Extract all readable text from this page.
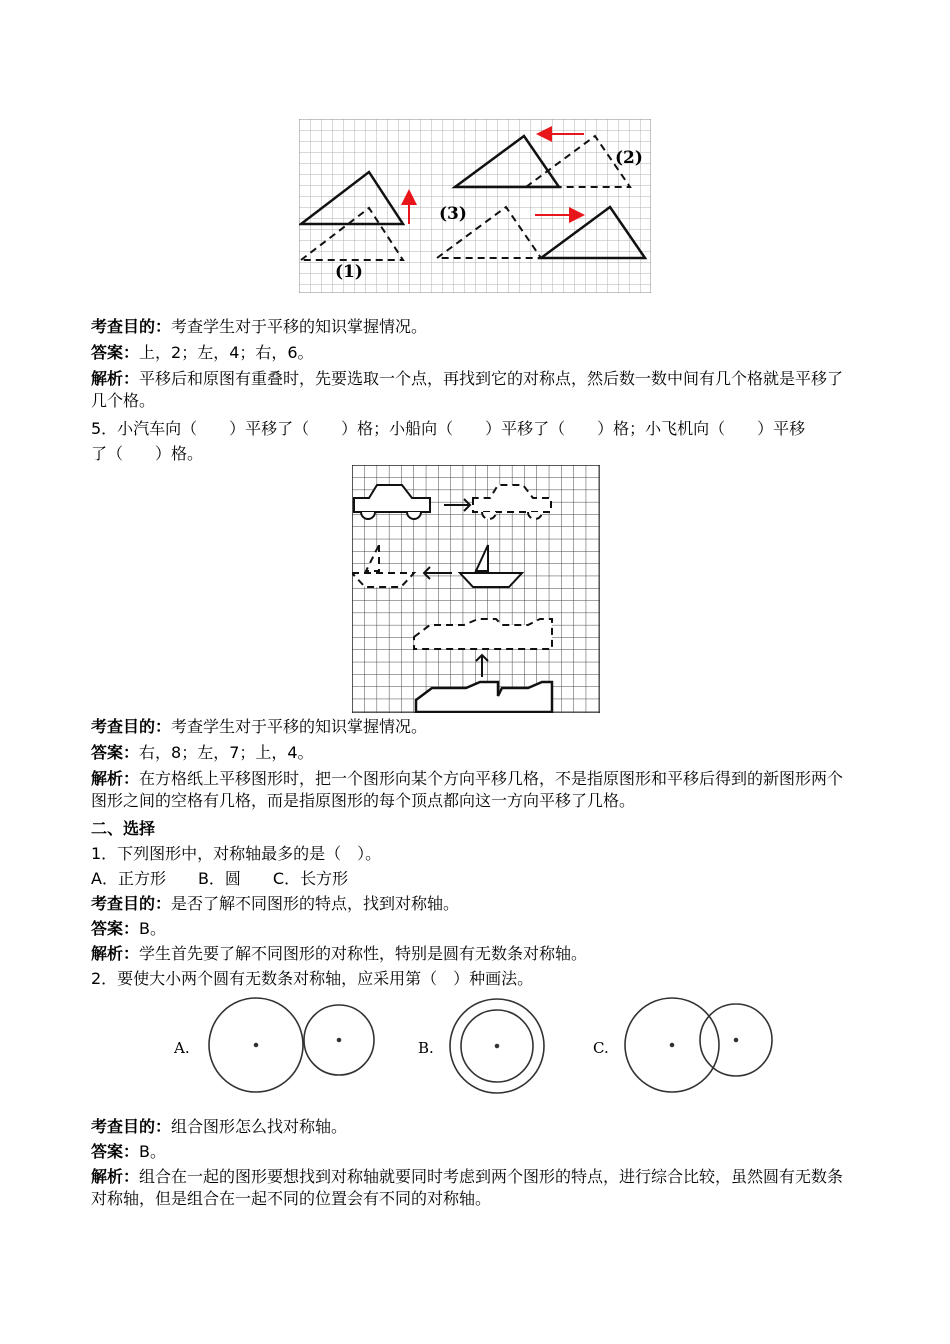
(1)
(2)
(3)
考查目的：考查学生对于平移的知识掌握情况。
答案：上，2；左，4；右，6。
解析：平移后和原图有重叠时，先要选取一个点，再找到它的对称点，然后数一数中间有几个格就是平移了几个格。
5．小汽车向（　　）平移了（　　）格；小船向（　　）平移了（　　）格；小飞机向（　　）平移
了（　　）格。
考查目的：考查学生对于平移的知识掌握情况。
答案：右，8；左，7；上，4。
解析：在方格纸上平移图形时，把一个图形向某个方向平移几格，不是指原图形和平移后得到的新图形两个图形之间的空格有几格，而是指原图形的每个顶点都向这一方向平移了几格。
二、选择
1．下列图形中，对称轴最多的是（　）。
A．正方形　　B．圆　　C．长方形
考查目的：是否了解不同图形的特点，找到对称轴。
答案：B。
解析：学生首先要了解不同图形的对称性，特别是圆有无数条对称轴。
2．要使大小两个圆有无数条对称轴，应采用第（　）种画法。
A.	B.	C.
考查目的：组合图形怎么找对称轴。
答案：B。
解析：组合在一起的图形要想找到对称轴就要同时考虑到两个图形的特点，进行综合比较，虽然圆有无数条对称轴，但是组合在一起不同的位置会有不同的对称轴。
